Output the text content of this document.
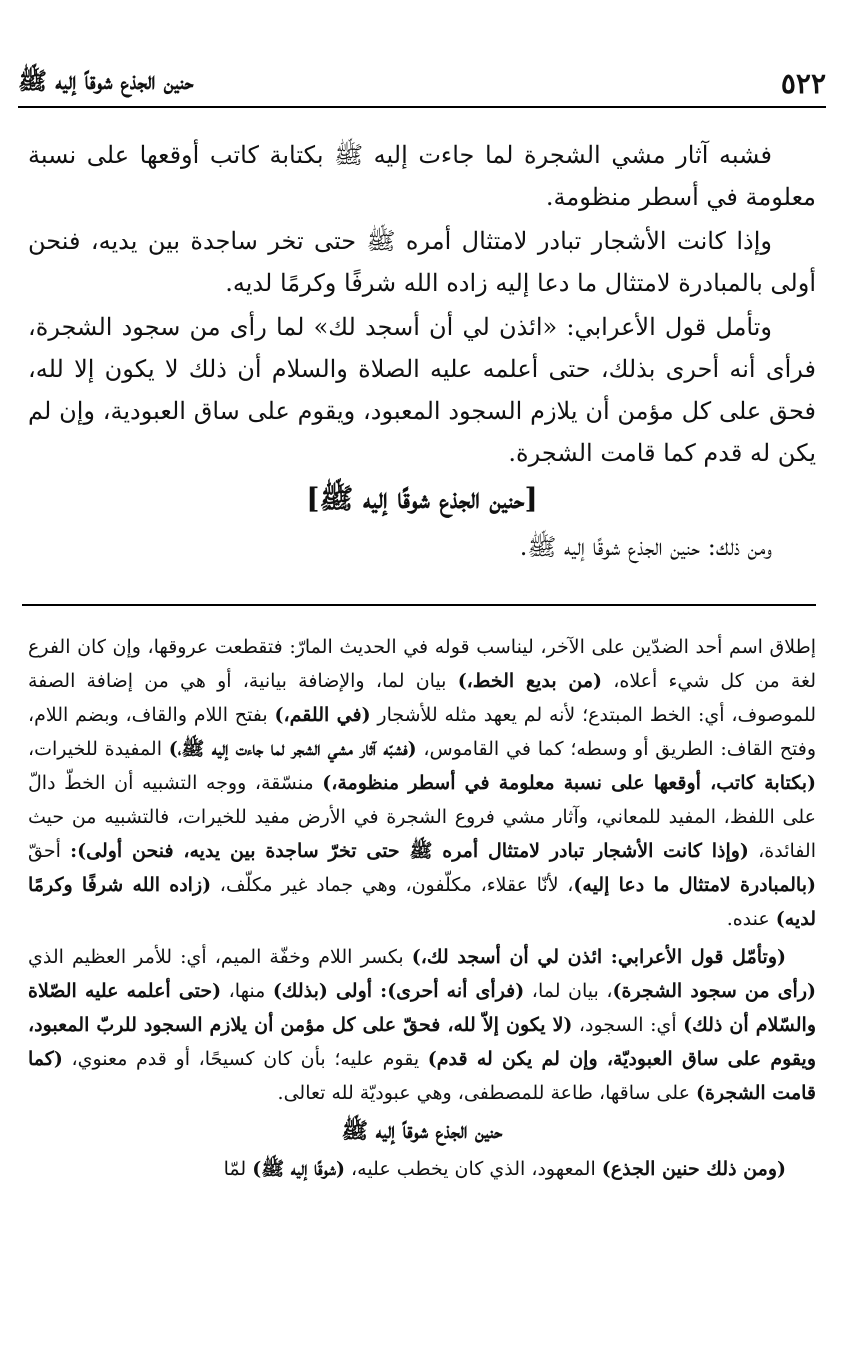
٥٢٢
حنين الجذع شوقاً إليه ﷺ

فشبه آثار مشي الشجرة لما جاءت إليه ﷺ بكتابة كاتب أوقعها على نسبة معلومة في أسطر منظومة.

وإذا كانت الأشجار تبادر لامتثال أمره ﷺ حتى تخر ساجدة بين يديه، فنحن أولى بالمبادرة لامتثال ما دعا إليه زاده الله شرفًا وكرمًا لديه.

وتأمل قول الأعرابي: «ائذن لي أن أسجد لك» لما رأى من سجود الشجرة، فرأى أنه أحرى بذلك، حتى أعلمه عليه الصلاة والسلام أن ذلك لا يكون إلا لله، فحق على كل مؤمن أن يلازم السجود المعبود، ويقوم على ساق العبودية، وإن لم يكن له قدم كما قامت الشجرة.

[حنين الجذع شوقًا إليه ﷺ]

ومن ذلك: حنين الجذع شوقًا إليه ﷺ.

إطلاق اسم أحد الضدّين على الآخر، ليناسب قوله في الحديث المارّ: فتقطعت عروقها، وإن كان الفرع لغة من كل شيء أعلاه، (من بديع الخط،) بيان لما، والإضافة بيانية، أو هي من إضافة الصفة للموصوف، أي: الخط المبتدع؛ لأنه لم يعهد مثله للأشجار (في اللقم،) بفتح اللام والقاف، وبضم اللام، وفتح القاف: الطريق أو وسطه؛ كما في القاموس، (فشبّه آثار مشي الشجر لما جاءت إليه ﷺ،) المفيدة للخيرات، (بكتابة كاتب، أوقعها على نسبة معلومة في أسطر منظومة،) منسّقة، ووجه التشبيه أن الخطّ دالّ على اللفظ، المفيد للمعاني، وآثار مشي فروع الشجرة في الأرض مفيد للخيرات، فالتشبيه من حيث الفائدة، (وإذا كانت الأشجار تبادر لامتثال أمره ﷺ حتى تخرّ ساجدة بين يديه، فنحن أولى): أحقّ (بالمبادرة لامتثال ما دعا إليه)، لأنّا عقلاء، مكلّفون، وهي جماد غير مكلّف، (زاده الله شرفًا وكرمًا لديه) عنده.

(وتأمّل قول الأعرابي: ائذن لي أن أسجد لك،) بكسر اللام وخفّة الميم، أي: للأمر العظيم الذي (رأى من سجود الشجرة)، بيان لما، (فرأى أنه أحرى): أولى (بذلك) منها، (حتى أعلمه عليه الصّلاة والسّلام أن ذلك) أي: السجود، (لا يكون إلاّ لله، فحقّ على كل مؤمن أن يلازم السجود للربّ المعبود، ويقوم على ساق العبوديّة، وإن لم يكن له قدم) يقوم عليه؛ بأن كان كسيحًا، أو قدم معنوي، (كما قامت الشجرة) على ساقها، طاعة للمصطفى، وهي عبوديّة لله تعالى.

حنين الجذع شوقاً إليه ﷺ

(ومن ذلك حنين الجذع) المعهود، الذي كان يخطب عليه، (شوقًا إليه ﷺ) لمّا
